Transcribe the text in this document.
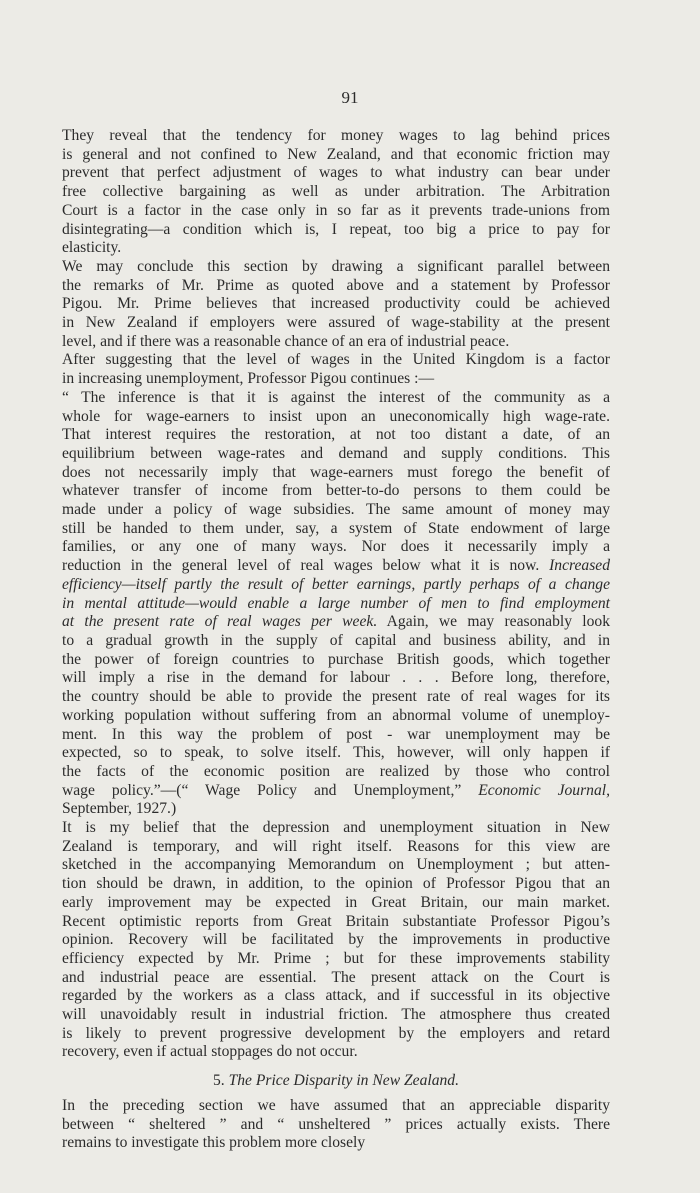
91

They reveal that the tendency for money wages to lag behind prices
is general and not confined to New Zealand, and that economic friction may
prevent that perfect adjustment of wages to what industry can bear under
free collective bargaining as well as under arbitration. The Arbitration
Court is a factor in the case only in so far as it prevents trade-unions from
disintegrating—a condition which is, I repeat, too big a price to pay for
elasticity.

We may conclude this section by drawing a significant parallel between
the remarks of Mr. Prime as quoted above and a statement by Professor
Pigou. Mr. Prime believes that increased productivity could be achieved
in New Zealand if employers were assured of wage-stability at the present
level, and if there was a reasonable chance of an era of industrial peace.

After suggesting that the level of wages in the United Kingdom is a factor
in increasing unemployment, Professor Pigou continues :—

“ The inference is that it is against the interest of the community as a
whole for wage-earners to insist upon an uneconomically high wage-rate.
That interest requires the restoration, at not too distant a date, of an
equilibrium between wage-rates and demand and supply conditions. This
does not necessarily imply that wage-earners must forego the benefit of
whatever transfer of income from better-to-do persons to them could be
made under a policy of wage subsidies. The same amount of money may
still be handed to them under, say, a system of State endowment of large
families, or any one of many ways. Nor does it necessarily imply a
reduction in the general level of real wages below what it is now. Increased
efficiency—itself partly the result of better earnings, partly perhaps of a change
in mental attitude—would enable a large number of men to find employment
at the present rate of real wages per week. Again, we may reasonably look
to a gradual growth in the supply of capital and business ability, and in
the power of foreign countries to purchase British goods, which together
will imply a rise in the demand for labour . . . Before long, therefore,
the country should be able to provide the present rate of real wages for its
working population without suffering from an abnormal volume of unemploy-
ment. In this way the problem of post - war unemployment may be
expected, so to speak, to solve itself. This, however, will only happen if
the facts of the economic position are realized by those who control
wage policy.”—(“ Wage Policy and Unemployment,” Economic Journal,
September, 1927.)

It is my belief that the depression and unemployment situation in New
Zealand is temporary, and will right itself. Reasons for this view are
sketched in the accompanying Memorandum on Unemployment ; but atten-
tion should be drawn, in addition, to the opinion of Professor Pigou that an
early improvement may be expected in Great Britain, our main market.
Recent optimistic reports from Great Britain substantiate Professor Pigou’s
opinion. Recovery will be facilitated by the improvements in productive
efficiency expected by Mr. Prime ; but for these improvements stability
and industrial peace are essential. The present attack on the Court is
regarded by the workers as a class attack, and if successful in its objective
will unavoidably result in industrial friction. The atmosphere thus created
is likely to prevent progressive development by the employers and retard
recovery, even if actual stoppages do not occur.

5. The Price Disparity in New Zealand.

In the preceding section we have assumed that an appreciable disparity
between “ sheltered ” and “ unsheltered ” prices actually exists. There
remains to investigate this problem more closely
